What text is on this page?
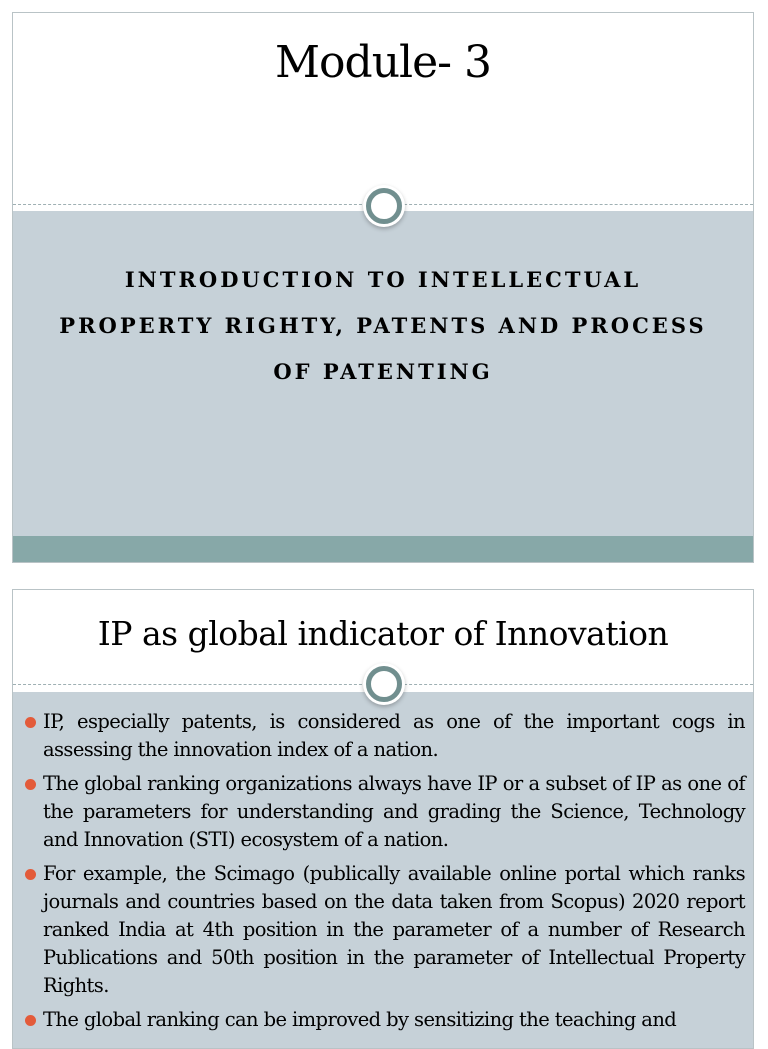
Module- 3
INTRODUCTION TO INTELLECTUAL PROPERTY RIGHTY, PATENTS AND PROCESS OF PATENTING
IP as global indicator of Innovation
IP, especially patents, is considered as one of the important cogs in assessing the innovation index of a nation.
The global ranking organizations always have IP or a subset of IP as one of the parameters for understanding and grading the Science, Technology and Innovation (STI) ecosystem of a nation.
For example, the Scimago (publically available online portal which ranks journals and countries based on the data taken from Scopus) 2020 report ranked India at 4th position in the parameter of a number of Research Publications and 50th position in the parameter of Intellectual Property Rights.
The global ranking can be improved by sensitizing the teaching and
